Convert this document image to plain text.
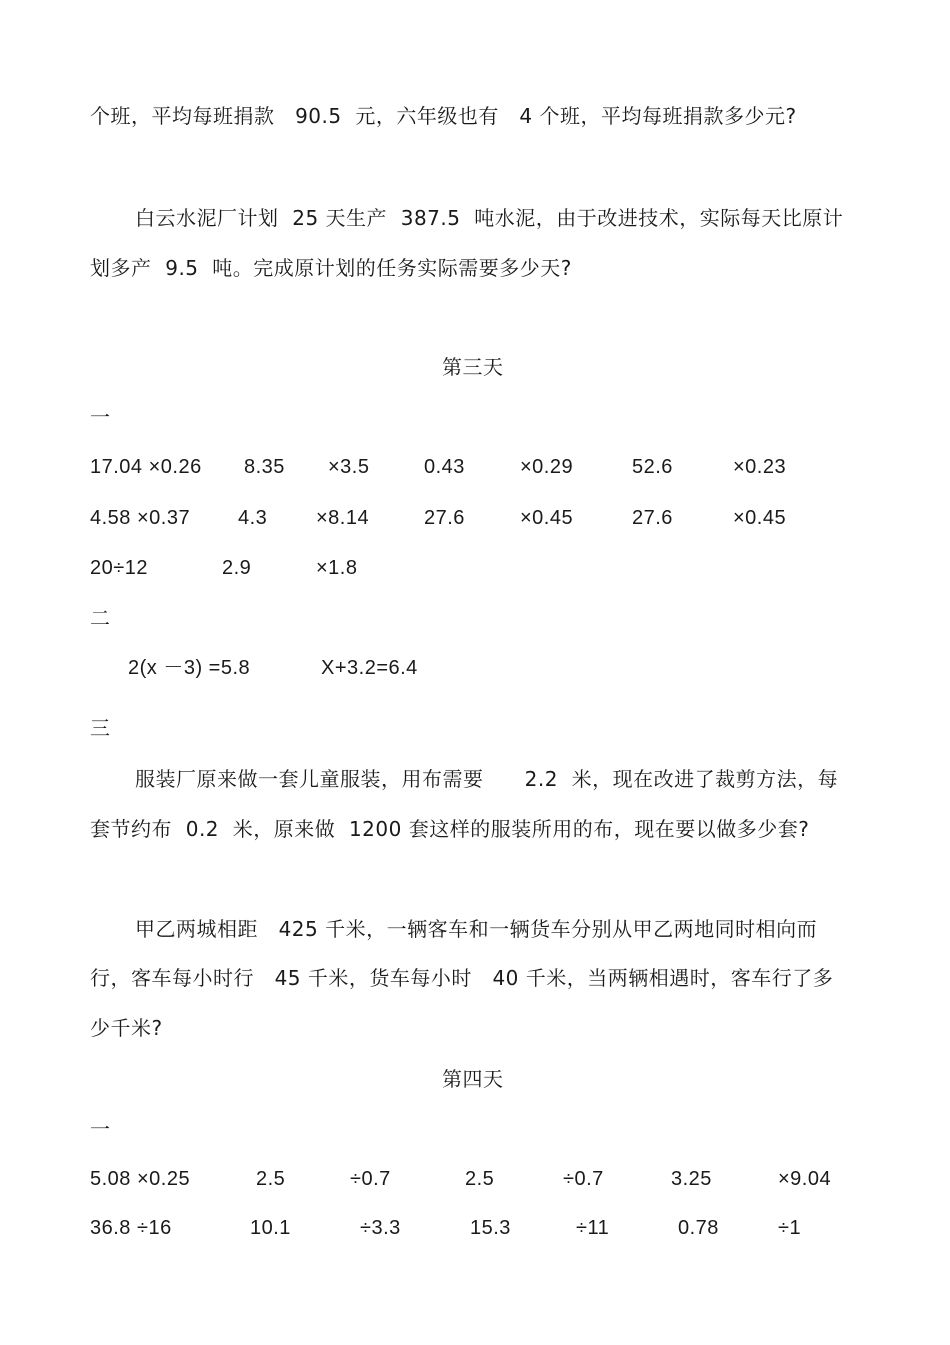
个班，平均每班捐款   90.5  元，六年级也有   4 个班，平均每班捐款多少元?
白云水泥厂计划  25 天生产  387.5  吨水泥，由于改进技术，实际每天比原计
划多产  9.5  吨。完成原计划的任务实际需要多少天?
第三天
一
17.04 ×0.26 8.35 ×3.5	0.43	×0.29	52.6	×0.23
4.58 ×0.37 4.3 ×8.14	27.6	×0.45	27.6	×0.45
20÷12	2.9	×1.8
二
2(x －3) =5.8	X+3.2=6.4
三
服装厂原来做一套儿童服装，用布需要      2.2  米，现在改进了裁剪方法，每
套节约布  0.2  米，原来做  1200 套这样的服装所用的布，现在要以做多少套?
甲乙两城相距   425 千米，一辆客车和一辆货车分别从甲乙两地同时相向而
行，客车每小时行   45 千米，货车每小时   40 千米，当两辆相遇时，客车行了多
少千米?
第四天
一
5.08 ×0.25	2.5	÷0.7	2.5	÷0.7	3.25	×9.04
36.8 ÷16	10.1	÷3.3	15.3	÷11	0.78	÷1
